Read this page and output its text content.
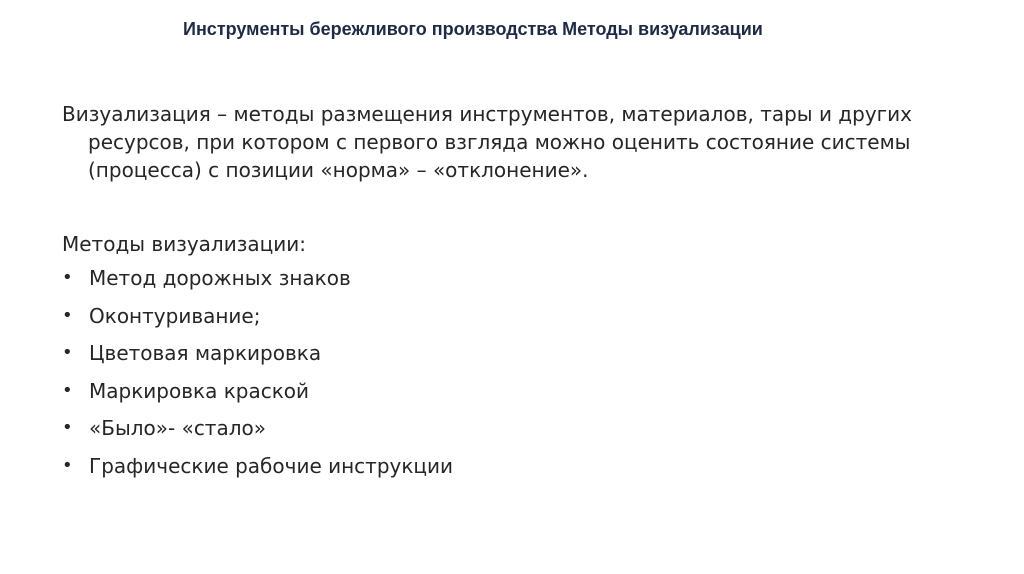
Инструменты бережливого производства Методы визуализации

Визуализация – методы размещения инструментов, материалов, тары и других ресурсов, при котором с первого взгляда можно оценить состояние системы (процесса) с позиции «норма» – «отклонение».

Методы визуализации:

• Метод дорожных знаков
• Оконтуривание;
• Цветовая маркировка
• Маркировка краской
• «Было»- «стало»
• Графические рабочие инструкции
